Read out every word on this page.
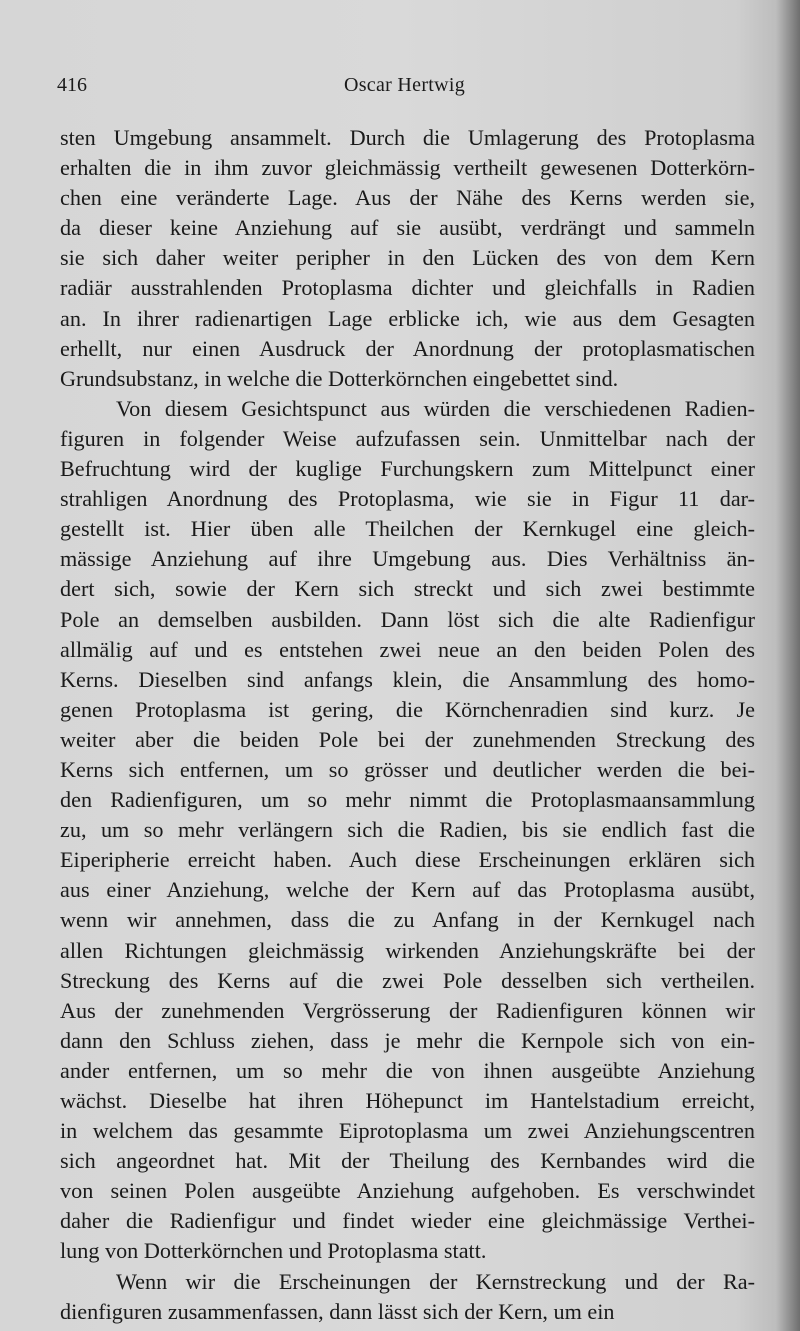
416	Oscar Hertwig

sten Umgebung ansammelt. Durch die Umlagerung des Protoplasma
erhalten die in ihm zuvor gleichmässig vertheilt gewesenen Dotterkörn-
chen eine veränderte Lage. Aus der Nähe des Kerns werden sie,
da dieser keine Anziehung auf sie ausübt, verdrängt und sammeln
sie sich daher weiter peripher in den Lücken des von dem Kern
radiär ausstrahlenden Protoplasma dichter und gleichfalls in Radien
an. In ihrer radienartigen Lage erblicke ich, wie aus dem Gesagten
erhellt, nur einen Ausdruck der Anordnung der protoplasmatischen
Grundsubstanz, in welche die Dotterkörnchen eingebettet sind.

Von diesem Gesichtspunct aus würden die verschiedenen Radien-
figuren in folgender Weise aufzufassen sein. Unmittelbar nach der
Befruchtung wird der kuglige Furchungskern zum Mittelpunct einer
strahligen Anordnung des Protoplasma, wie sie in Figur 11 dar-
gestellt ist. Hier üben alle Theilchen der Kernkugel eine gleich-
mässige Anziehung auf ihre Umgebung aus. Dies Verhältniss än-
dert sich, sowie der Kern sich streckt und sich zwei bestimmte
Pole an demselben ausbilden. Dann löst sich die alte Radienfigur
allmälig auf und es entstehen zwei neue an den beiden Polen des
Kerns. Dieselben sind anfangs klein, die Ansammlung des homo-
genen Protoplasma ist gering, die Körnchenradien sind kurz. Je
weiter aber die beiden Pole bei der zunehmenden Streckung des
Kerns sich entfernen, um so grösser und deutlicher werden die bei-
den Radienfiguren, um so mehr nimmt die Protoplasmaansammlung
zu, um so mehr verlängern sich die Radien, bis sie endlich fast die
Eiperipherie erreicht haben. Auch diese Erscheinungen erklären sich
aus einer Anziehung, welche der Kern auf das Protoplasma ausübt,
wenn wir annehmen, dass die zu Anfang in der Kernkugel nach
allen Richtungen gleichmässig wirkenden Anziehungskräfte bei der
Streckung des Kerns auf die zwei Pole desselben sich vertheilen.
Aus der zunehmenden Vergrösserung der Radienfiguren können wir
dann den Schluss ziehen, dass je mehr die Kernpole sich von ein-
ander entfernen, um so mehr die von ihnen ausgeübte Anziehung
wächst. Dieselbe hat ihren Höhepunct im Hantelstadium erreicht,
in welchem das gesammte Eiprotoplasma um zwei Anziehungscentren
sich angeordnet hat. Mit der Theilung des Kernbandes wird die
von seinen Polen ausgeübte Anziehung aufgehoben. Es verschwindet
daher die Radienfigur und findet wieder eine gleichmässige Verthei-
lung von Dotterkörnchen und Protoplasma statt.

Wenn wir die Erscheinungen der Kernstreckung und der Ra-
dienfiguren zusammenfassen, dann lässt sich der Kern, um ein
